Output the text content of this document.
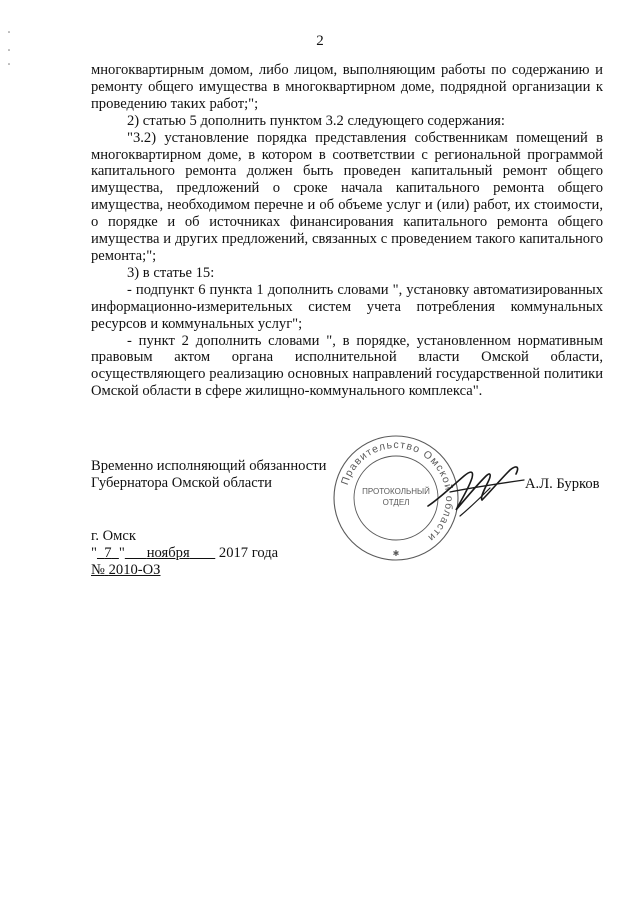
2

многоквартирным домом, либо лицом, выполняющим работы по содержанию и ремонту общего имущества в многоквартирном доме, подрядной организации к проведению таких работ;";

2) статью 5 дополнить пунктом 3.2 следующего содержания:

"3.2) установление порядка представления собственникам помещений в многоквартирном доме, в котором в соответствии с региональной программой капитального ремонта должен быть проведен капитальный ремонт общего имущества, предложений о сроке начала капитального ремонта общего имущества, необходимом перечне и об объеме услуг и (или) работ, их стоимости, о порядке и об источниках финансирования капитального ремонта общего имущества и других предложений, связанных с проведением такого капитального ремонта;";

3) в статье 15:

- подпункт 6 пункта 1 дополнить словами ", установку автоматизированных информационно-измерительных систем учета потребления коммунальных ресурсов и коммунальных услуг";

- пункт 2 дополнить словами ", в порядке, установленном нормативным правовым актом органа исполнительной власти Омской области, осуществляющего реализацию основных направлений государственной политики Омской области в сфере жилищно-коммунального комплекса".

Временно исполняющий обязанности
Губернатора Омской области	Правительство Омской области
ПРОТОКОЛЬНЫЙ
ОТДЕЛ
✱
А.Л. Бурков
г. Омск
" 7 " ноября 2017 года
№ 2010-ОЗ
